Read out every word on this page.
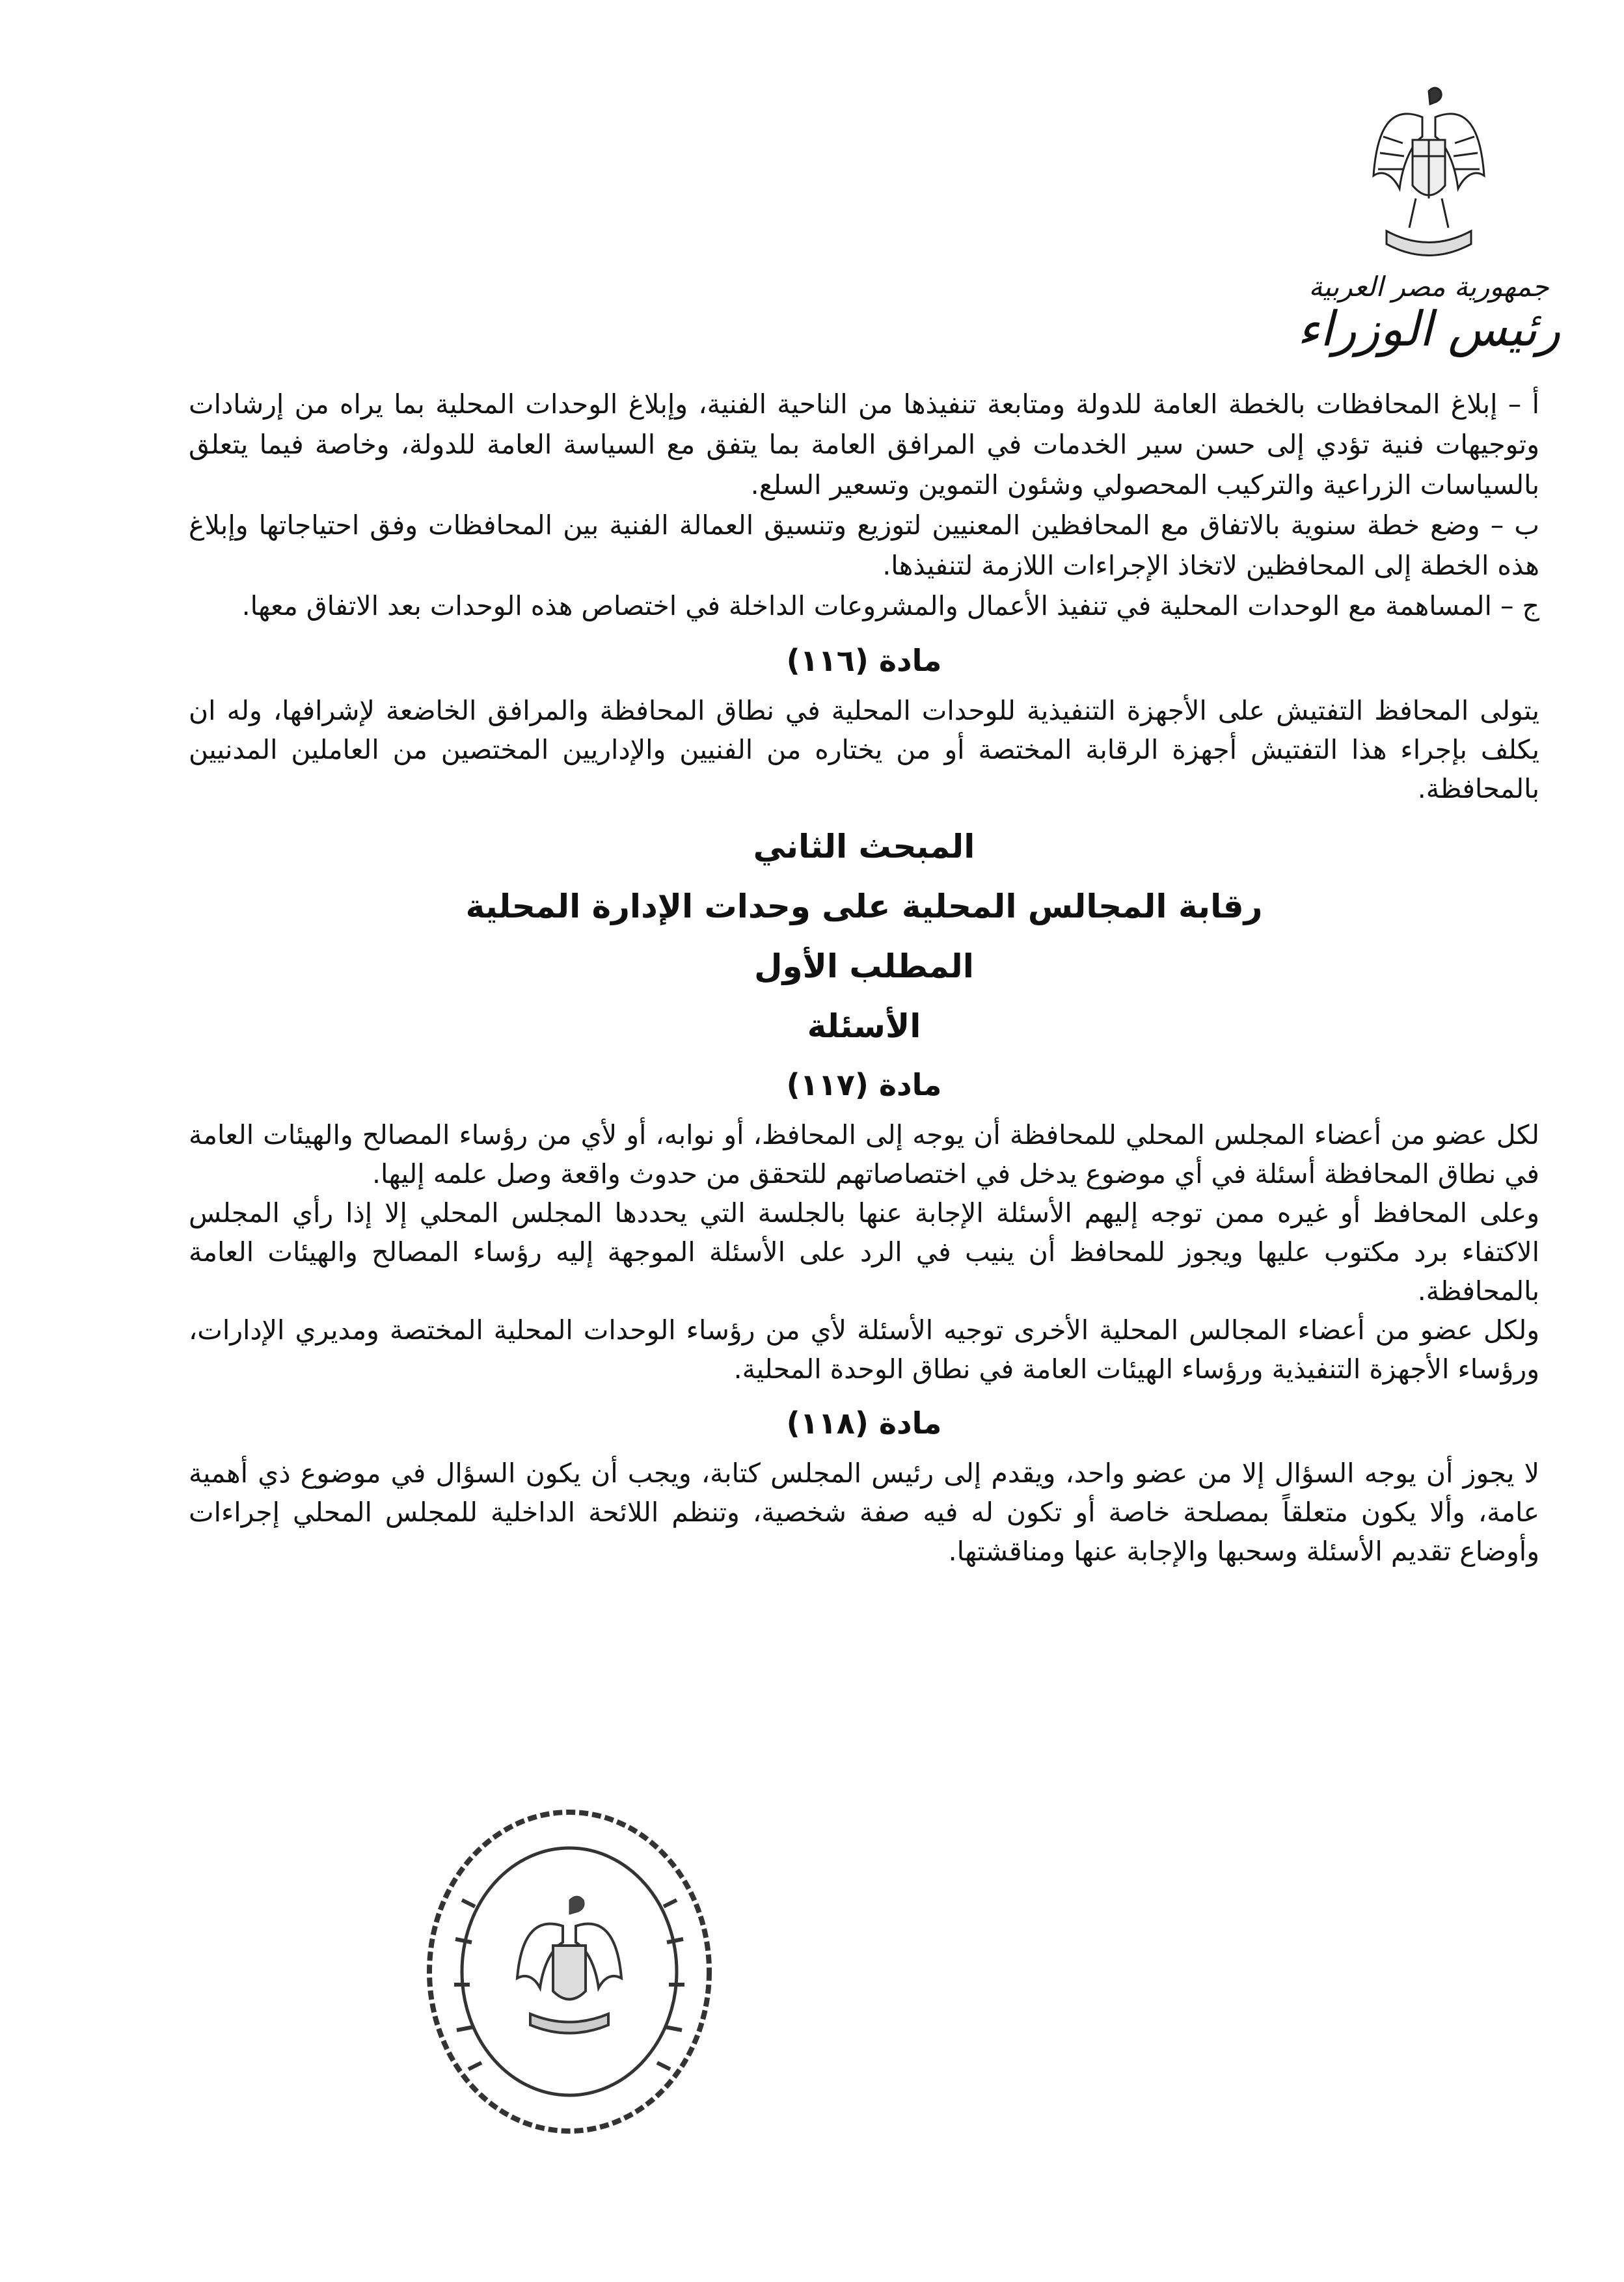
جمهورية مصر العربية
رئيس الوزراء

أ – إبلاغ المحافظات بالخطة العامة للدولة ومتابعة تنفيذها من الناحية الفنية، وإبلاغ الوحدات المحلية بما يراه من إرشادات وتوجيهات فنية تؤدي إلى حسن سير الخدمات في المرافق العامة بما يتفق مع السياسة العامة للدولة، وخاصة فيما يتعلق بالسياسات الزراعية والتركيب المحصولي وشئون التموين وتسعير السلع.

ب – وضع خطة سنوية بالاتفاق مع المحافظين المعنيين لتوزيع وتنسيق العمالة الفنية بين المحافظات وفق احتياجاتها وإبلاغ هذه الخطة إلى المحافظين لاتخاذ الإجراءات اللازمة لتنفيذها.

ج – المساهمة مع الوحدات المحلية في تنفيذ الأعمال والمشروعات الداخلة في اختصاص هذه الوحدات بعد الاتفاق معها.

مادة (١١٦)

يتولى المحافظ التفتيش على الأجهزة التنفيذية للوحدات المحلية في نطاق المحافظة والمرافق الخاضعة لإشرافها، وله ان يكلف بإجراء هذا التفتيش أجهزة الرقابة المختصة أو من يختاره من الفنيين والإداريين المختصين من العاملين المدنيين بالمحافظة.

المبحث الثاني
رقابة المجالس المحلية على وحدات الإدارة المحلية
المطلب الأول
الأسئلة
مادة (١١٧)

لكل عضو من أعضاء المجلس المحلي للمحافظة أن يوجه إلى المحافظ، أو نوابه، أو لأي من رؤساء المصالح والهيئات العامة في نطاق المحافظة أسئلة في أي موضوع يدخل في اختصاصاتهم للتحقق من حدوث واقعة وصل علمه إليها.

وعلى المحافظ أو غيره ممن توجه إليهم الأسئلة الإجابة عنها بالجلسة التي يحددها المجلس المحلي إلا إذا رأي المجلس الاكتفاء برد مكتوب عليها ويجوز للمحافظ أن ينيب في الرد على الأسئلة الموجهة إليه رؤساء المصالح والهيئات العامة بالمحافظة.

ولكل عضو من أعضاء المجالس المحلية الأخرى توجيه الأسئلة لأي من رؤساء الوحدات المحلية المختصة ومديري الإدارات، ورؤساء الأجهزة التنفيذية ورؤساء الهيئات العامة في نطاق الوحدة المحلية.

مادة (١١٨)

لا يجوز أن يوجه السؤال إلا من عضو واحد، ويقدم إلى رئيس المجلس كتابة، ويجب أن يكون السؤال في موضوع ذي أهمية عامة، وألا يكون متعلقاً بمصلحة خاصة أو تكون له فيه صفة شخصية، وتنظم اللائحة الداخلية للمجلس المحلي إجراءات وأوضاع تقديم الأسئلة وسحبها والإجابة عنها ومناقشتها.
